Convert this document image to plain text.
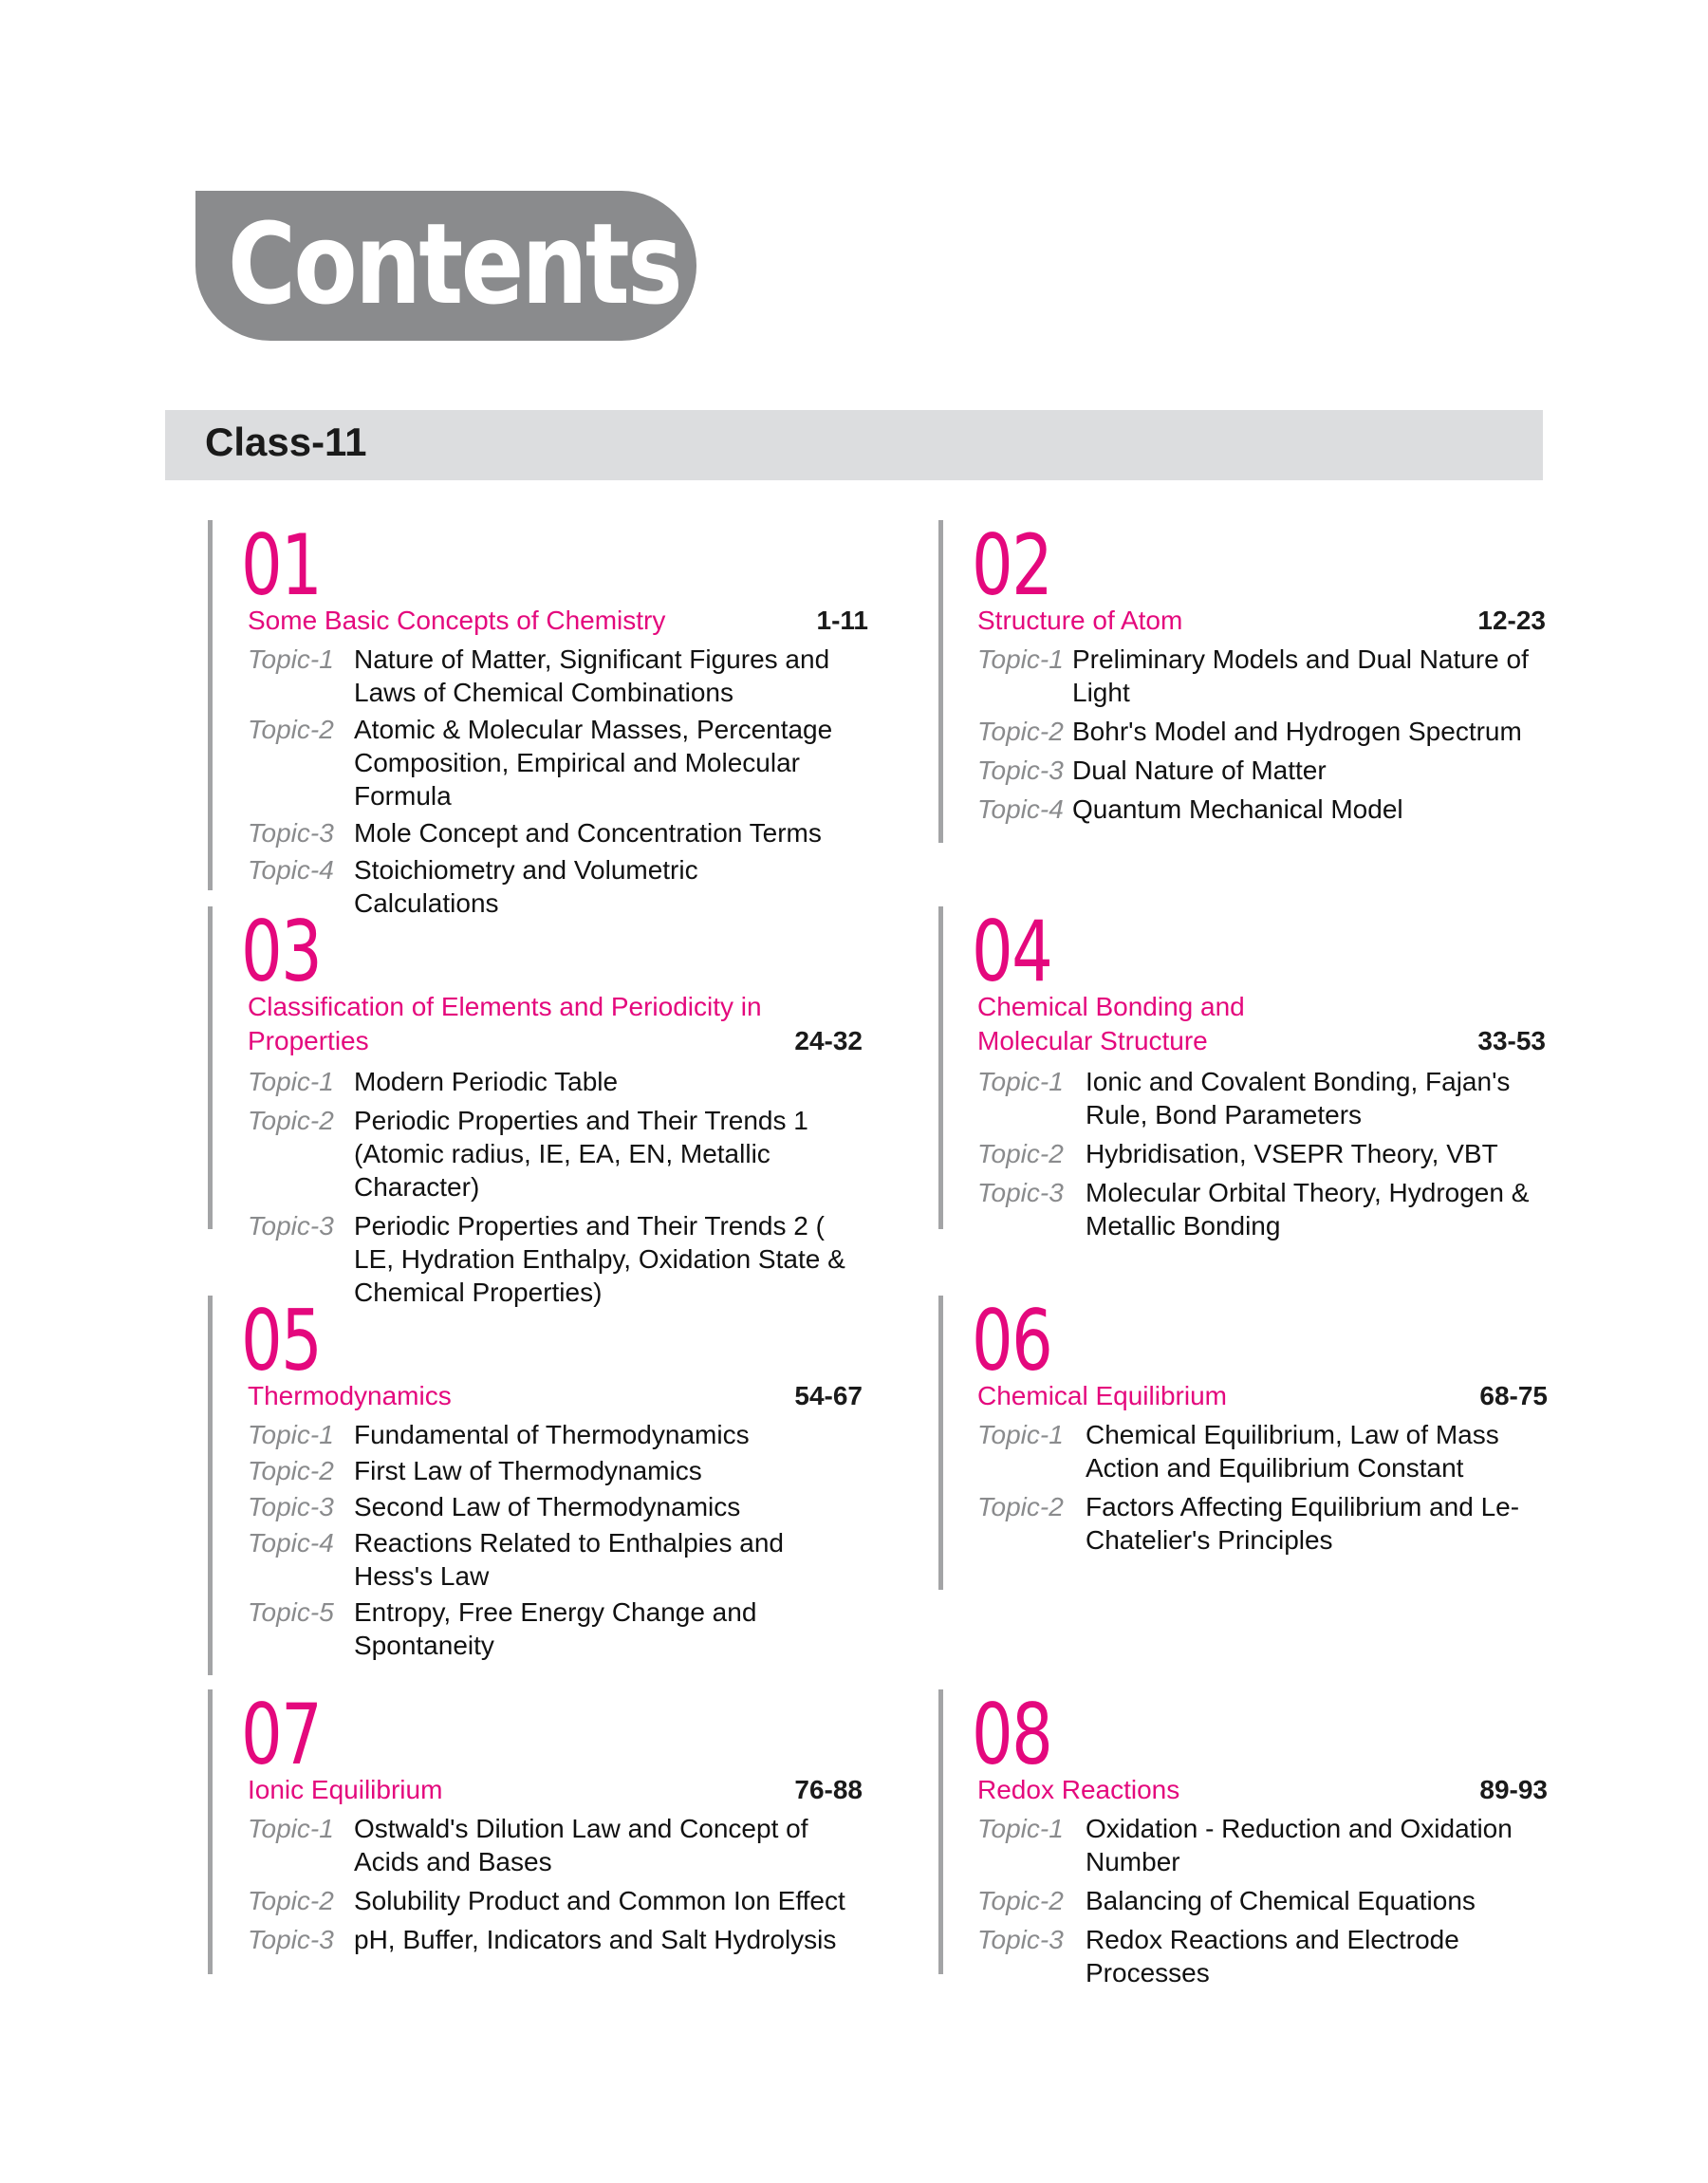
Contents
Class-11
01
Some Basic Concepts of Chemistry	1-11
Topic-1 Nature of Matter, Significant Figures and Laws of Chemical Combinations
Topic-2 Atomic & Molecular Masses, Percentage Composition, Empirical and Molecular Formula
Topic-3 Mole Concept and Concentration Terms
Topic-4 Stoichiometry and Volumetric Calculations
02
Structure of Atom	12-23
Topic-1 Preliminary Models and Dual Nature of Light
Topic-2 Bohr's Model and Hydrogen Spectrum
Topic-3 Dual Nature of Matter
Topic-4 Quantum Mechanical Model
03
Classification of Elements and Periodicity in Properties	24-32
Topic-1 Modern Periodic Table
Topic-2 Periodic Properties and Their Trends 1 (Atomic radius, IE, EA, EN, Metallic Character)
Topic-3 Periodic Properties and Their Trends 2 ( LE, Hydration Enthalpy, Oxidation State & Chemical Properties)
04
Chemical Bonding and Molecular Structure	33-53
Topic-1 Ionic and Covalent Bonding, Fajan's Rule, Bond Parameters
Topic-2 Hybridisation, VSEPR Theory, VBT
Topic-3 Molecular Orbital Theory, Hydrogen & Metallic Bonding
05
Thermodynamics	54-67
Topic-1 Fundamental of Thermodynamics
Topic-2 First Law of Thermodynamics
Topic-3 Second Law of Thermodynamics
Topic-4 Reactions Related to Enthalpies and Hess's Law
Topic-5 Entropy, Free Energy Change and Spontaneity
06
Chemical Equilibrium	68-75
Topic-1 Chemical Equilibrium, Law of Mass Action and Equilibrium Constant
Topic-2 Factors Affecting Equilibrium and Le-Chatelier's Principles
07
Ionic Equilibrium	76-88
Topic-1 Ostwald's Dilution Law and Concept of Acids and Bases
Topic-2 Solubility Product and Common Ion Effect
Topic-3 pH, Buffer, Indicators and Salt Hydrolysis
08
Redox Reactions	89-93
Topic-1 Oxidation - Reduction and Oxidation Number
Topic-2 Balancing of Chemical Equations
Topic-3 Redox Reactions and Electrode Processes
